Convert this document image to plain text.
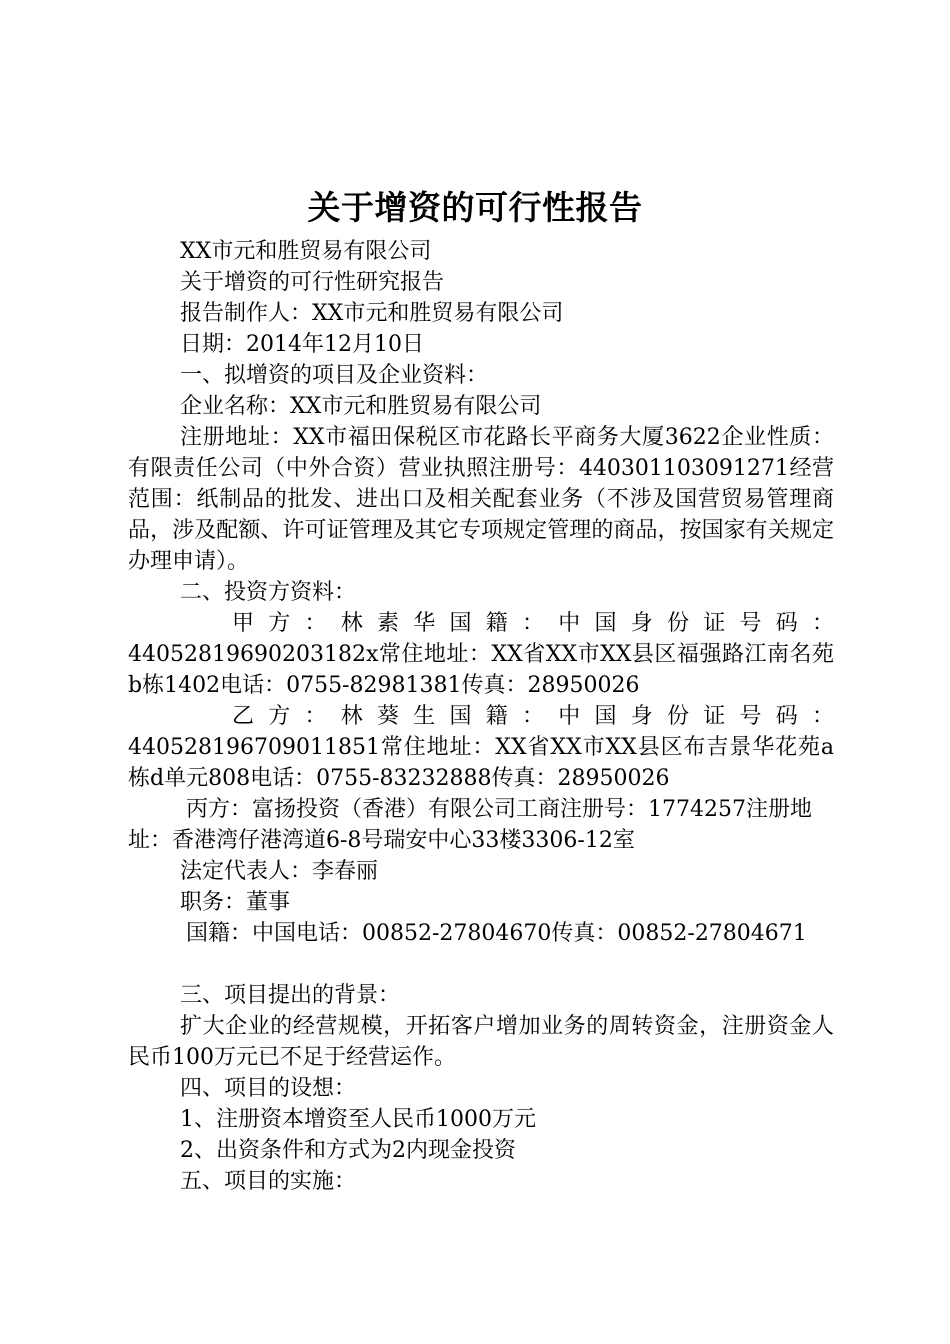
关于增资的可行性报告

XX市元和胜贸易有限公司

关于增资的可行性研究报告

报告制作人：XX市元和胜贸易有限公司

日期：2014年12月10日

一、拟增资的项目及企业资料：

企业名称：XX市元和胜贸易有限公司

注册地址：XX市福田保税区市花路长平商务大厦3622企业性质：有限责任公司（中外合资）营业执照注册号：440301103091271经营范围：纸制品的批发、进出口及相关配套业务（不涉及国营贸易管理商品，涉及配额、许可证管理及其它专项规定管理的商品，按国家有关规定办理申请）。

二、投资方资料：

甲 方 ： 林 素 华 国 籍 ： 中 国 身 份 证 号 码 ：

44052819690203182x常住地址：XX省XX市XX县区福强路江南名苑b栋1402电话：0755-82981381传真：28950026

乙 方 ： 林 葵 生 国 籍 ： 中 国 身 份 证 号 码 ：

440528196709011851常住地址：XX省XX市XX县区布吉景华花苑a栋d单元808电话：0755-83232888传真：28950026

丙方：富扬投资（香港）有限公司工商注册号：1774257注册地址：香港湾仔港湾道6-8号瑞安中心33楼3306-12室

法定代表人：李春丽

职务：董事

国籍：中国电话：00852-27804670传真：00852-27804671

三、项目提出的背景：

扩大企业的经营规模，开拓客户增加业务的周转资金，注册资金人民币100万元已不足于经营运作。

四、项目的设想：

1、注册资本增资至人民币1000万元

2、出资条件和方式为2内现金投资

五、项目的实施：
